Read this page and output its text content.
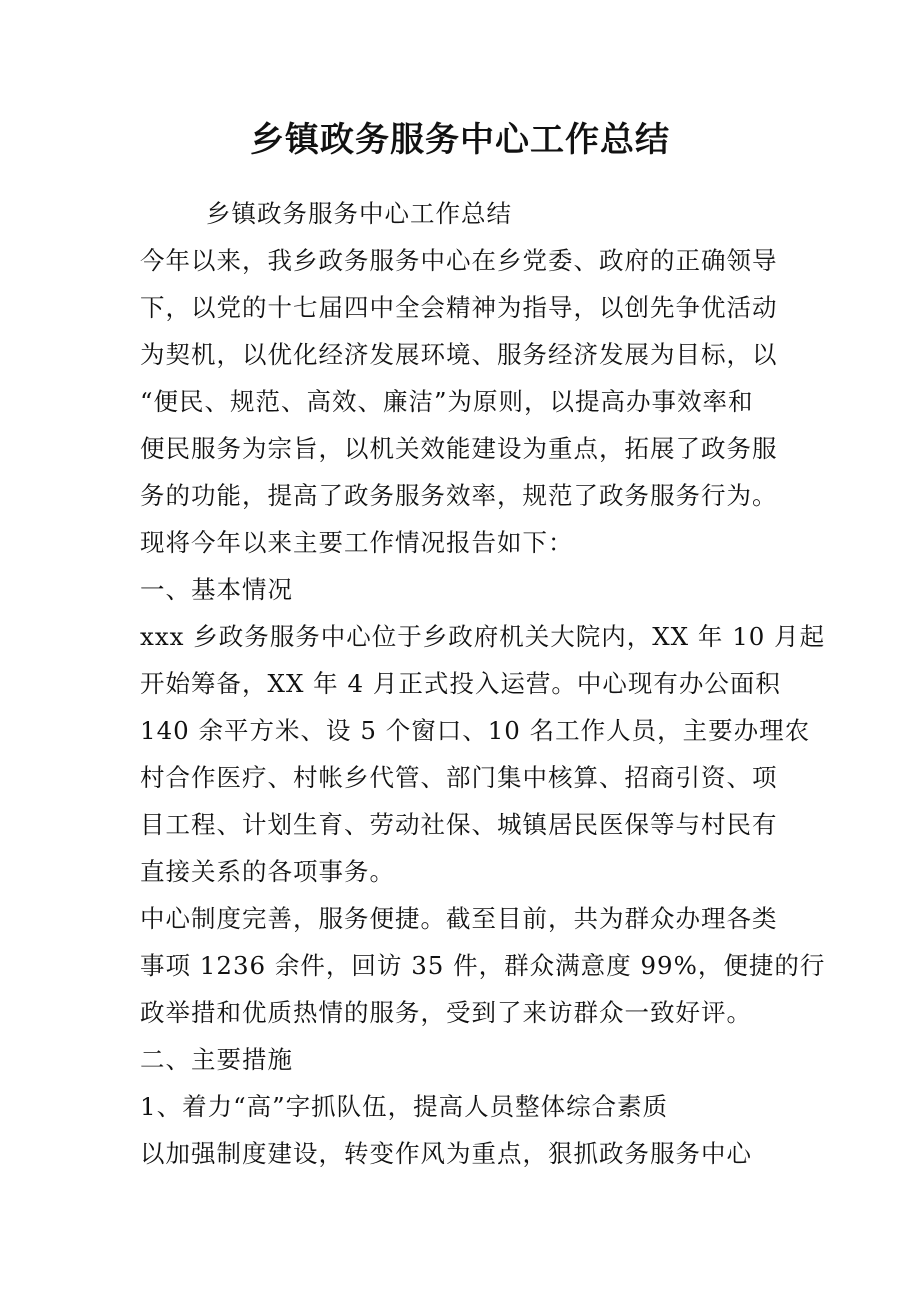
乡镇政务服务中心工作总结
乡镇政务服务中心工作总结
今年以来，我乡政务服务中心在乡党委、政府的正确领导
下，以党的十七届四中全会精神为指导，以创先争优活动
为契机，以优化经济发展环境、服务经济发展为目标，以
“便民、规范、高效、廉洁”为原则，以提高办事效率和
便民服务为宗旨，以机关效能建设为重点，拓展了政务服
务的功能，提高了政务服务效率，规范了政务服务行为。
现将今年以来主要工作情况报告如下：
一、基本情况
xxx 乡政务服务中心位于乡政府机关大院内，XX 年 10 月起
开始筹备，XX 年 4 月正式投入运营。中心现有办公面积
140 余平方米、设 5 个窗口、10 名工作人员，主要办理农
村合作医疗、村帐乡代管、部门集中核算、招商引资、项
目工程、计划生育、劳动社保、城镇居民医保等与村民有
直接关系的各项事务。
中心制度完善，服务便捷。截至目前，共为群众办理各类
事项 1236 余件，回访 35 件，群众满意度 99%，便捷的行
政举措和优质热情的服务，受到了来访群众一致好评。
二、主要措施
1、着力“高”字抓队伍，提高人员整体综合素质
以加强制度建设，转变作风为重点，狠抓政务服务中心
